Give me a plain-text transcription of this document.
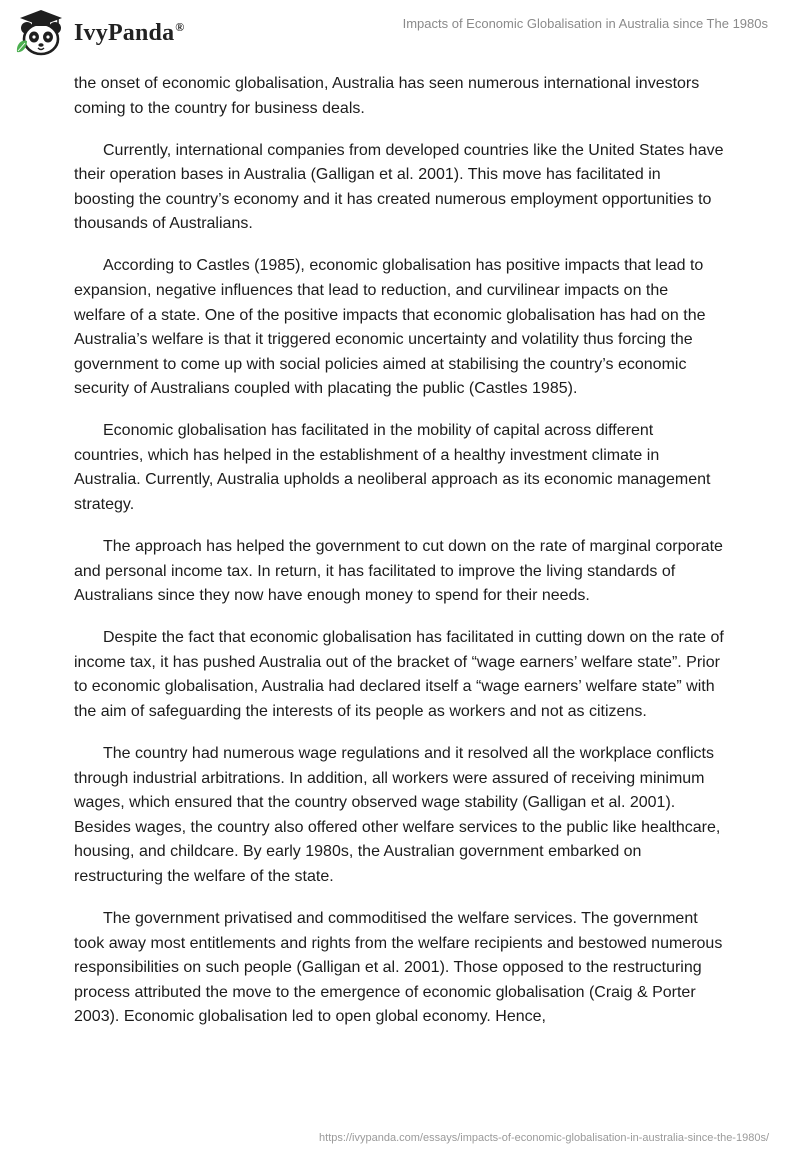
IvyPanda®	Impacts of Economic Globalisation in Australia since The 1980s

the onset of economic globalisation, Australia has seen numerous international investors coming to the country for business deals.

Currently, international companies from developed countries like the United States have their operation bases in Australia (Galligan et al. 2001). This move has facilitated in boosting the country’s economy and it has created numerous employment opportunities to thousands of Australians.

According to Castles (1985), economic globalisation has positive impacts that lead to expansion, negative influences that lead to reduction, and curvilinear impacts on the welfare of a state. One of the positive impacts that economic globalisation has had on the Australia’s welfare is that it triggered economic uncertainty and volatility thus forcing the government to come up with social policies aimed at stabilising the country’s economic security of Australians coupled with placating the public (Castles 1985).

Economic globalisation has facilitated in the mobility of capital across different countries, which has helped in the establishment of a healthy investment climate in Australia. Currently, Australia upholds a neoliberal approach as its economic management strategy.

The approach has helped the government to cut down on the rate of marginal corporate and personal income tax. In return, it has facilitated to improve the living standards of Australians since they now have enough money to spend for their needs.

Despite the fact that economic globalisation has facilitated in cutting down on the rate of income tax, it has pushed Australia out of the bracket of “wage earners’ welfare state”. Prior to economic globalisation, Australia had declared itself a “wage earners’ welfare state” with the aim of safeguarding the interests of its people as workers and not as citizens.

The country had numerous wage regulations and it resolved all the workplace conflicts through industrial arbitrations. In addition, all workers were assured of receiving minimum wages, which ensured that the country observed wage stability (Galligan et al. 2001). Besides wages, the country also offered other welfare services to the public like healthcare, housing, and childcare. By early 1980s, the Australian government embarked on restructuring the welfare of the state.

The government privatised and commoditised the welfare services. The government took away most entitlements and rights from the welfare recipients and bestowed numerous responsibilities on such people (Galligan et al. 2001). Those opposed to the restructuring process attributed the move to the emergence of economic globalisation (Craig & Porter 2003). Economic globalisation led to open global economy. Hence,

https://ivypanda.com/essays/impacts-of-economic-globalisation-in-australia-since-the-1980s/
